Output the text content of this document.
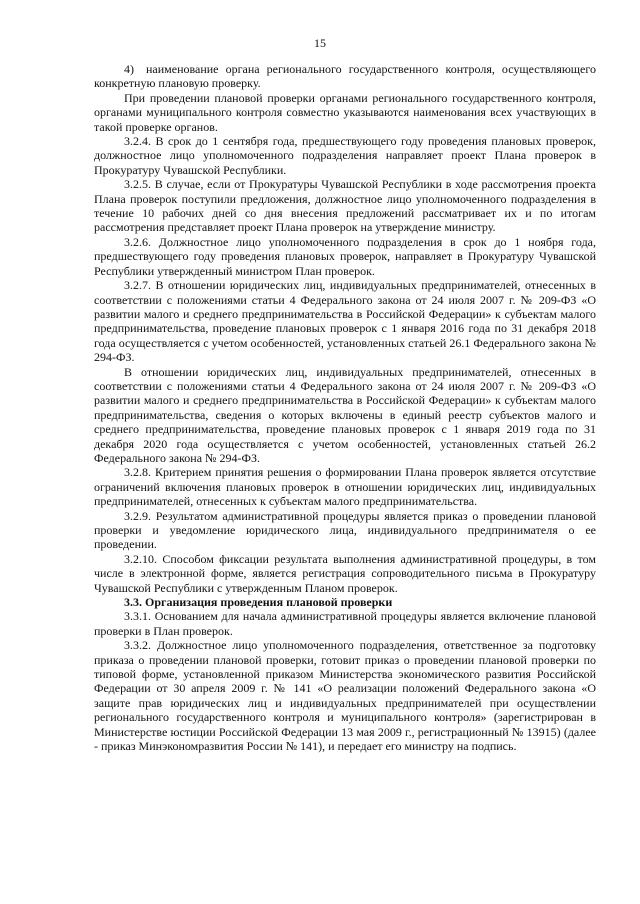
15

4) наименование органа регионального государственного контроля, осуществляющего конкретную плановую проверку.

При проведении плановой проверки органами регионального государственного контроля, органами муниципального контроля совместно указываются наименования всех участвующих в такой проверке органов.

3.2.4. В срок до 1 сентября года, предшествующего году проведения плановых проверок, должностное лицо уполномоченного подразделения направляет проект Плана проверок в Прокуратуру Чувашской Республики.

3.2.5. В случае, если от Прокуратуры Чувашской Республики в ходе рассмотрения проекта Плана проверок поступили предложения, должностное лицо уполномоченного подразделения в течение 10 рабочих дней со дня внесения предложений рассматривает их и по итогам рассмотрения представляет проект Плана проверок на утверждение министру.

3.2.6. Должностное лицо уполномоченного подразделения в срок до 1 ноября года, предшествующего году проведения плановых проверок, направляет в Прокуратуру Чувашской Республики утвержденный министром План проверок.

3.2.7. В отношении юридических лиц, индивидуальных предпринимателей, отнесенных в соответствии с положениями статьи 4 Федерального закона от 24 июля 2007 г. № 209-ФЗ «О развитии малого и среднего предпринимательства в Российской Федерации» к субъектам малого предпринимательства, проведение плановых проверок с 1 января 2016 года по 31 декабря 2018 года осуществляется с учетом особенностей, установленных статьей 26.1 Федерального закона № 294-ФЗ.

В отношении юридических лиц, индивидуальных предпринимателей, отнесенных в соответствии с положениями статьи 4 Федерального закона от 24 июля 2007 г. № 209-ФЗ «О развитии малого и среднего предпринимательства в Российской Федерации» к субъектам малого предпринимательства, сведения о которых включены в единый реестр субъектов малого и среднего предпринимательства, проведение плановых проверок с 1 января 2019 года по 31 декабря 2020 года осуществляется с учетом особенностей, установленных статьей 26.2 Федерального закона № 294-ФЗ.

3.2.8. Критерием принятия решения о формировании Плана проверок является отсутствие ограничений включения плановых проверок в отношении юридических лиц, индивидуальных предпринимателей, отнесенных к субъектам малого предпринимательства.

3.2.9. Результатом административной процедуры является приказ о проведении плановой проверки и уведомление юридического лица, индивидуального предпринимателя о ее проведении.

3.2.10. Способом фиксации результата выполнения административной процедуры, в том числе в электронной форме, является регистрация сопроводительного письма в Прокуратуру Чувашской Республики с утвержденным Планом проверок.

3.3. Организация проведения плановой проверки

3.3.1. Основанием для начала административной процедуры является включение плановой проверки в План проверок.

3.3.2. Должностное лицо уполномоченного подразделения, ответственное за подготовку приказа о проведении плановой проверки, готовит приказ о проведении плановой проверки по типовой форме, установленной приказом Министерства экономического развития Российской Федерации от 30 апреля 2009 г. № 141 «О реализации положений Федерального закона «О защите прав юридических лиц и индивидуальных предпринимателей при осуществлении регионального государственного контроля и муниципального контроля» (зарегистрирован в Министерстве юстиции Российской Федерации 13 мая 2009 г., регистрационный № 13915) (далее - приказ Минэкономразвития России № 141), и передает его министру на подпись.
